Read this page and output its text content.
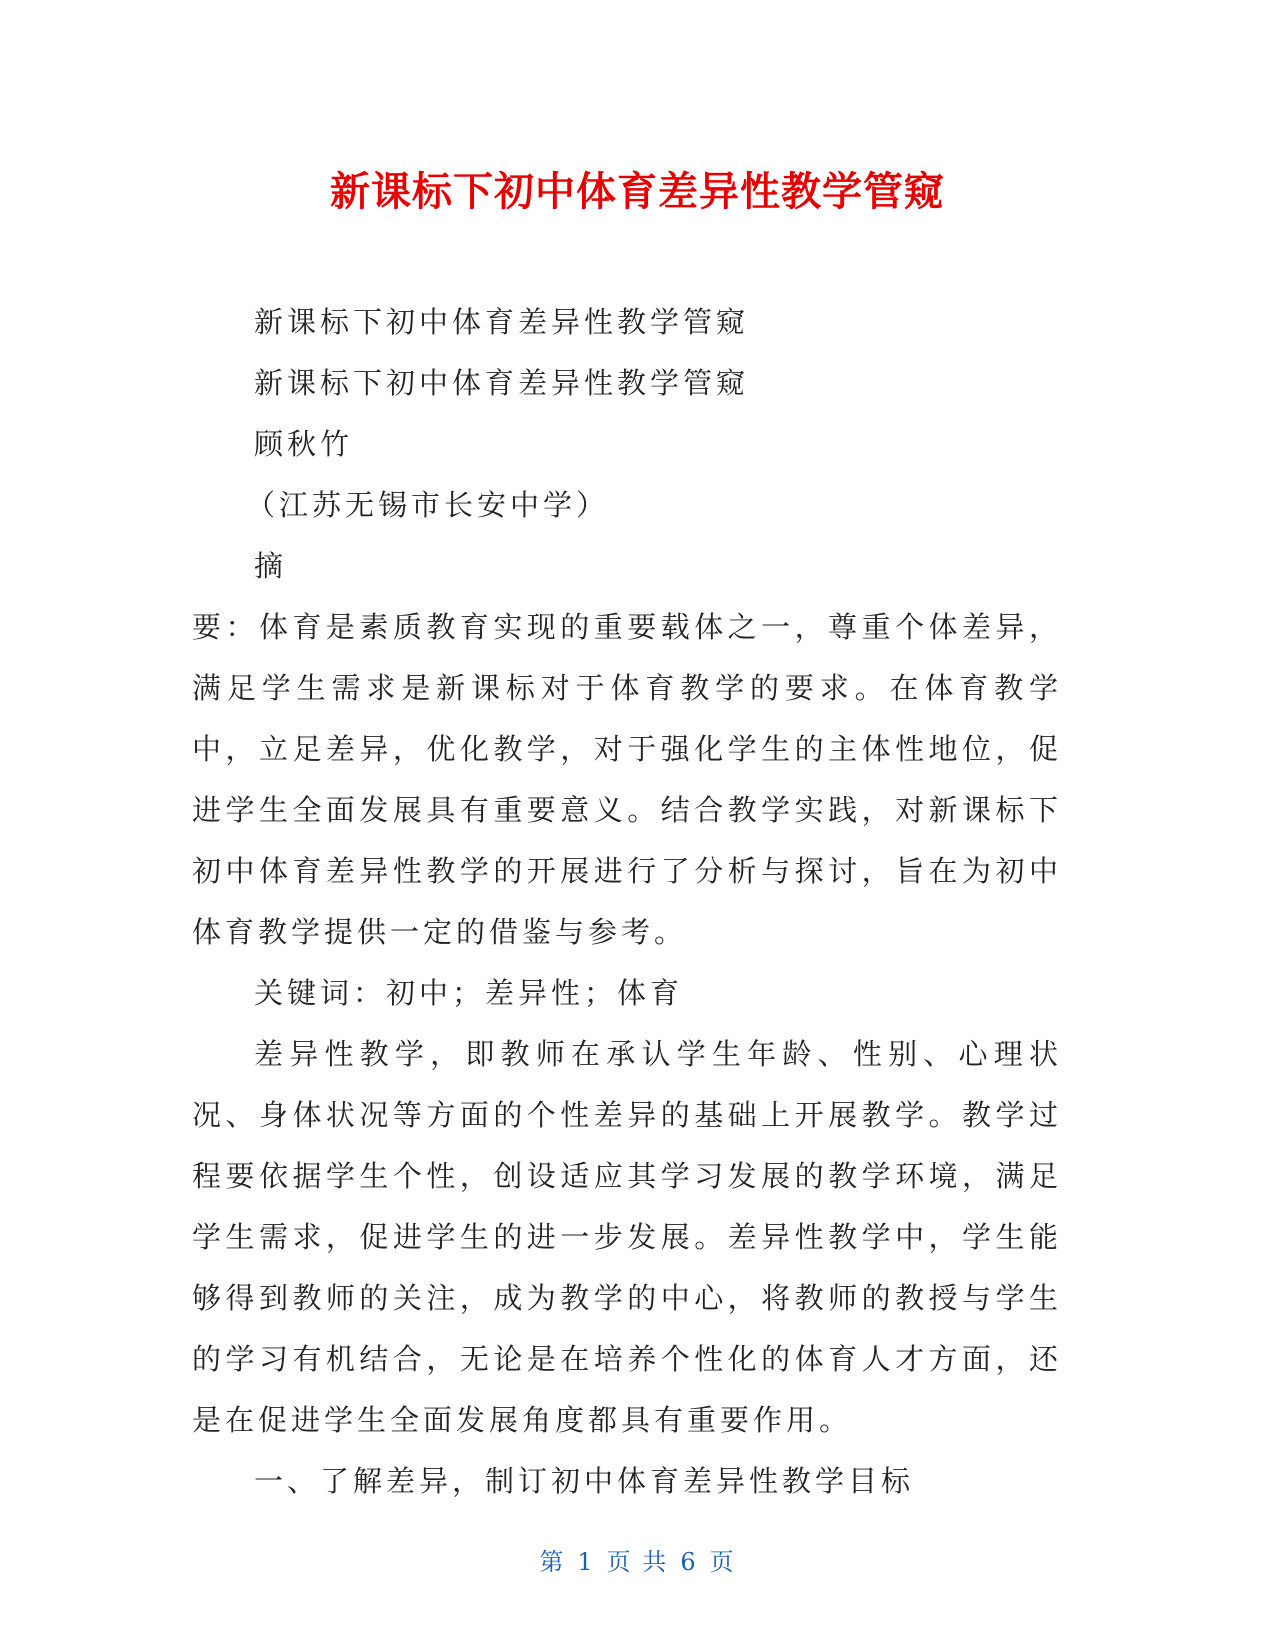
新课标下初中体育差异性教学管窥

新课标下初中体育差异性教学管窥

新课标下初中体育差异性教学管窥

顾秋竹

（江苏无锡市长安中学）

摘

要：体育是素质教育实现的重要载体之一，尊重个体差异，满足学生需求是新课标对于体育教学的要求。在体育教学中，立足差异，优化教学，对于强化学生的主体性地位，促进学生全面发展具有重要意义。结合教学实践，对新课标下初中体育差异性教学的开展进行了分析与探讨，旨在为初中体育教学提供一定的借鉴与参考。

关键词：初中；差异性；体育

差异性教学，即教师在承认学生年龄、性别、心理状况、身体状况等方面的个性差异的基础上开展教学。教学过程要依据学生个性，创设适应其学习发展的教学环境，满足学生需求，促进学生的进一步发展。差异性教学中，学生能够得到教师的关注，成为教学的中心，将教师的教授与学生的学习有机结合，无论是在培养个性化的体育人才方面，还是在促进学生全面发展角度都具有重要作用。

一、了解差异，制订初中体育差异性教学目标

第 1 页 共 6 页
